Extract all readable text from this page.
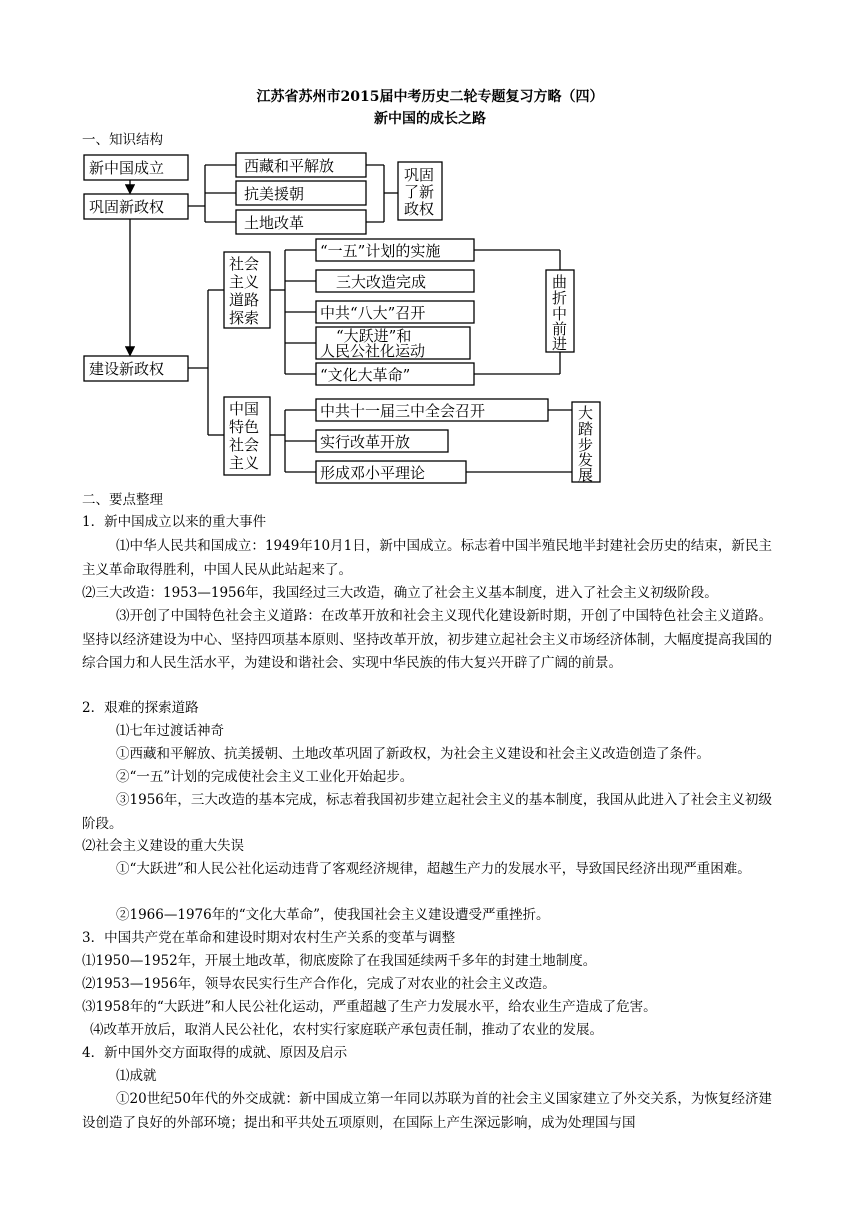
江苏省苏州市2015届中考历史二轮专题复习方略（四）
新中国的成长之路
一、知识结构
新中国成立
巩固新政权
建设新政权
西藏和平解放
抗美援朝
土地改革
巩固
了新
政权
社会
主义
道路
探索
“一五”计划的实施
三大改造完成
中共“八大”召开
“大跃进”和
人民公社化运动
“文化大革命”
曲
折
中
前
进
中国
特色
社会
主义
中共十一届三中全会召开
实行改革开放
形成邓小平理论
大
踏
步
发
展
二、要点整理
1．新中国成立以来的重大事件
⑴中华人民共和国成立：1949年10月1日，新中国成立。标志着中国半殖民地半封建社会历史的结束，新民主主义革命取得胜利，中国人民从此站起来了。
⑵三大改造：1953—1956年，我国经过三大改造，确立了社会主义基本制度，进入了社会主义初级阶段。
⑶开创了中国特色社会主义道路：在改革开放和社会主义现代化建设新时期，开创了中国特色社会主义道路。坚持以经济建设为中心、坚持四项基本原则、坚持改革开放，初步建立起社会主义市场经济体制，大幅度提高我国的综合国力和人民生活水平，为建设和谐社会、实现中华民族的伟大复兴开辟了广阔的前景。
2．艰难的探索道路
⑴七年过渡话神奇
①西藏和平解放、抗美援朝、土地改革巩固了新政权，为社会主义建设和社会主义改造创造了条件。
②“一五”计划的完成使社会主义工业化开始起步。
③1956年，三大改造的基本完成，标志着我国初步建立起社会主义的基本制度，我国从此进入了社会主义初级阶段。
⑵社会主义建设的重大失误
①“大跃进”和人民公社化运动违背了客观经济规律，超越生产力的发展水平，导致国民经济出现严重困难。
②1966—1976年的“文化大革命”，使我国社会主义建设遭受严重挫折。
3．中国共产党在革命和建设时期对农村生产关系的变革与调整
⑴1950—1952年，开展土地改革，彻底废除了在我国延续两千多年的封建土地制度。
⑵1953—1956年，领导农民实行生产合作化，完成了对农业的社会主义改造。
⑶1958年的“大跃进”和人民公社化运动，严重超越了生产力发展水平，给农业生产造成了危害。
⑷改革开放后，取消人民公社化，农村实行家庭联产承包责任制，推动了农业的发展。
4．新中国外交方面取得的成就、原因及启示
⑴成就
①20世纪50年代的外交成就：新中国成立第一年同以苏联为首的社会主义国家建立了外交关系，为恢复经济建设创造了良好的外部环境；提出和平共处五项原则，在国际上产生深远影响，成为处理国与国
